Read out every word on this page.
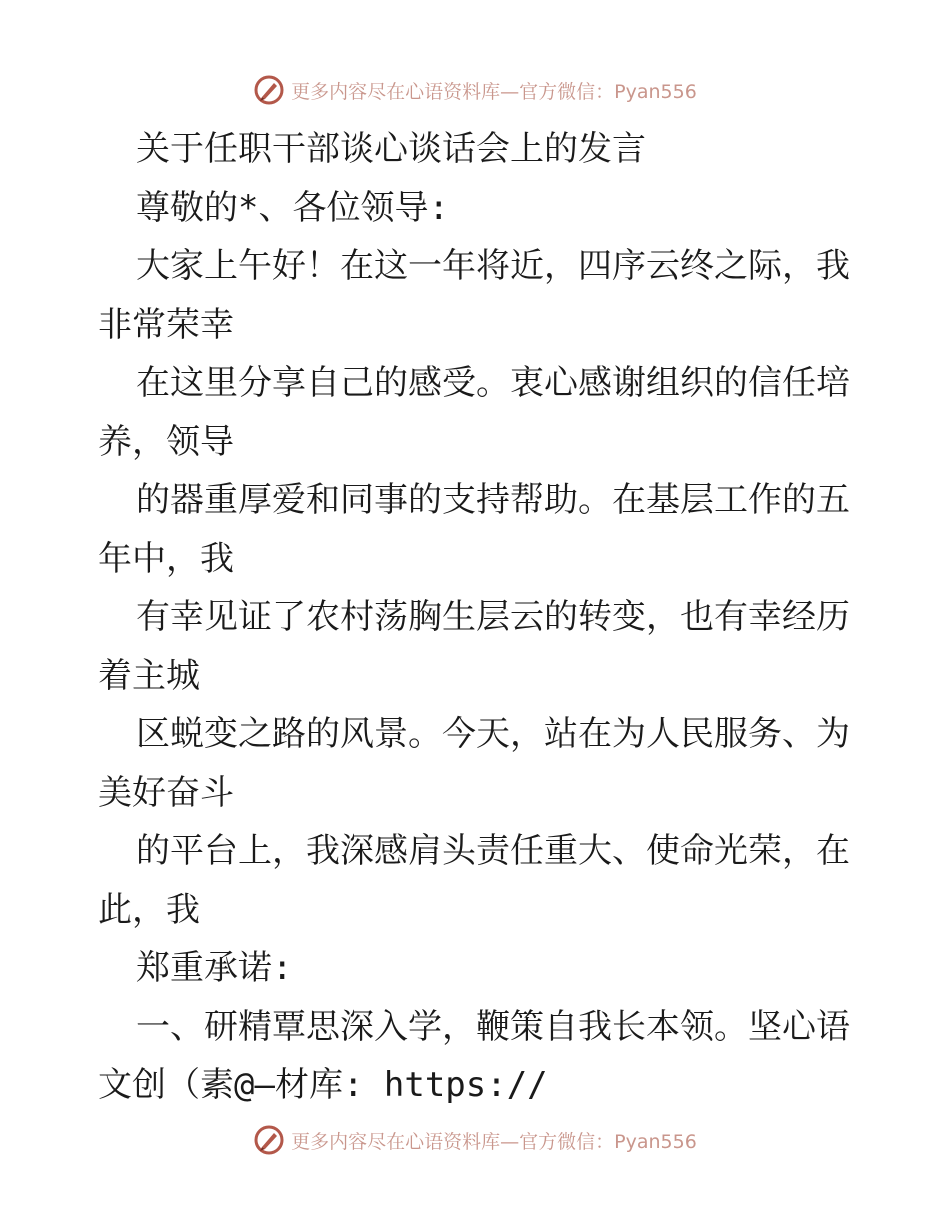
更多内容尽在心语资料库—官方微信：Pyan556
关于任职干部谈心谈话会上的发言
尊敬的*、各位领导:
大家上午好！在这一年将近，四序云终之际，我
非常荣幸
在这里分享自己的感受。衷心感谢组织的信任培
养，领导
的器重厚爱和同事的支持帮助。在基层工作的五
年中，我
有幸见证了农村荡胸生层云的转变，也有幸经历
着主城
区蜕变之路的风景。今天，站在为人民服务、为
美好奋斗
的平台上，我深感肩头责任重大、使命光荣，在
此，我
郑重承诺:
一、研精覃思深入学，鞭策自我长本领。坚心语
文创（素@—材库: https://
更多内容尽在心语资料库—官方微信：Pyan556
